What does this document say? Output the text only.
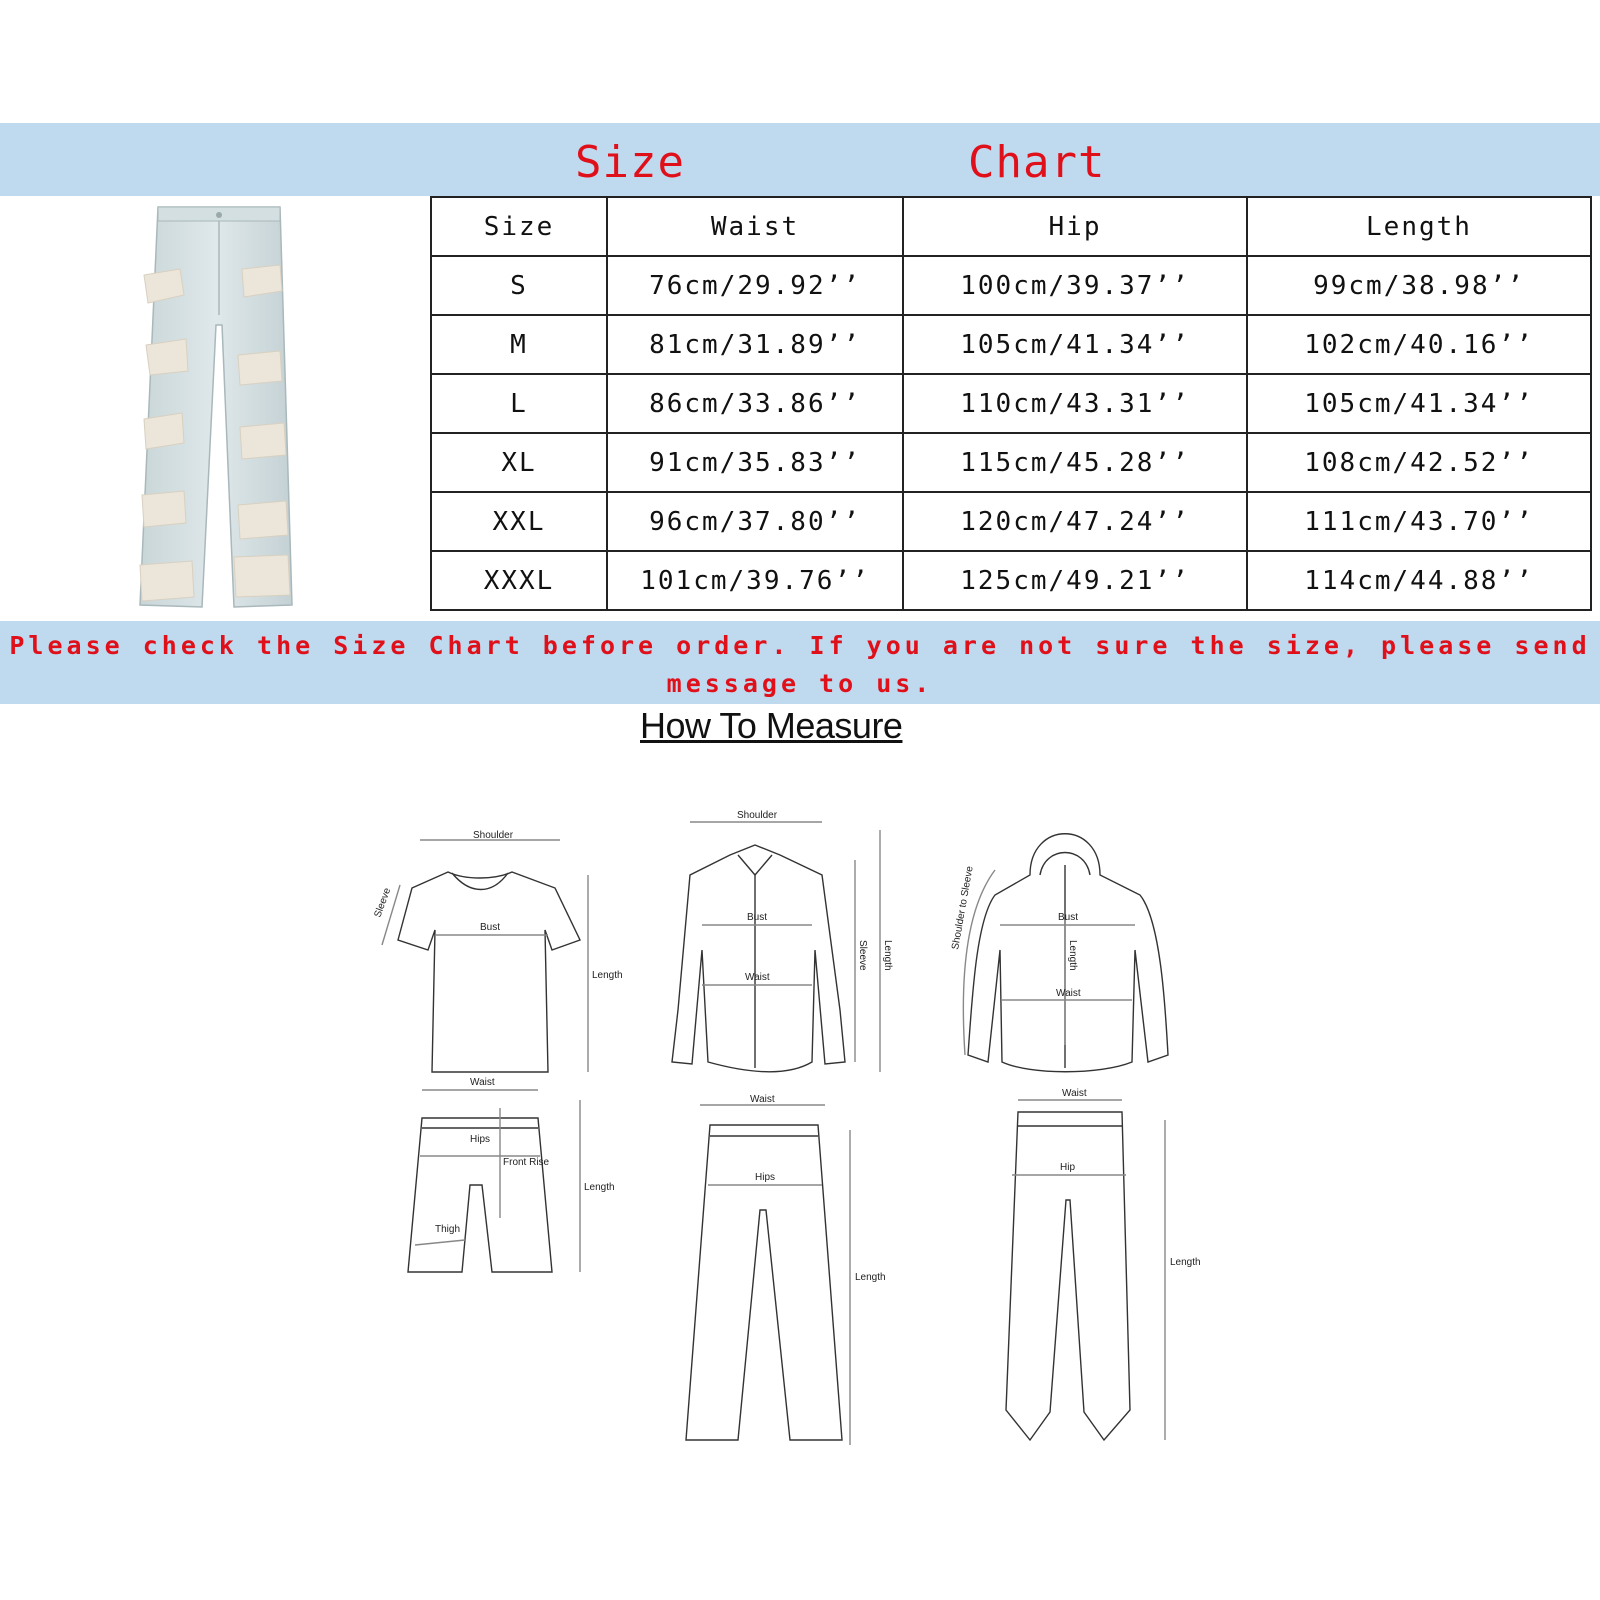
Size	Chart
Size	Waist	Hip	Length
S	76cm/29.92’’	100cm/39.37’’	99cm/38.98’’
M	81cm/31.89’’	105cm/41.34’’	102cm/40.16’’
L	86cm/33.86’’	110cm/43.31’’	105cm/41.34’’
XL	91cm/35.83’’	115cm/45.28’’	108cm/42.52’’
XXL	96cm/37.80’’	120cm/47.24’’	111cm/43.70’’
XXXL	101cm/39.76’’	125cm/49.21’’	114cm/44.88’’
Please check the Size Chart before order. If you are not sure the size, please send
message to us.
How To Measure
Shoulder
Bust
Length
Sleeve
Shoulder
Bust
Waist
Sleeve Length
Bust
Waist
Length
Shoulder to Sleeve
Waist
Hips
Front Rise
Length
Thigh
Waist
Hips
Length
Waist
Hip
Length
